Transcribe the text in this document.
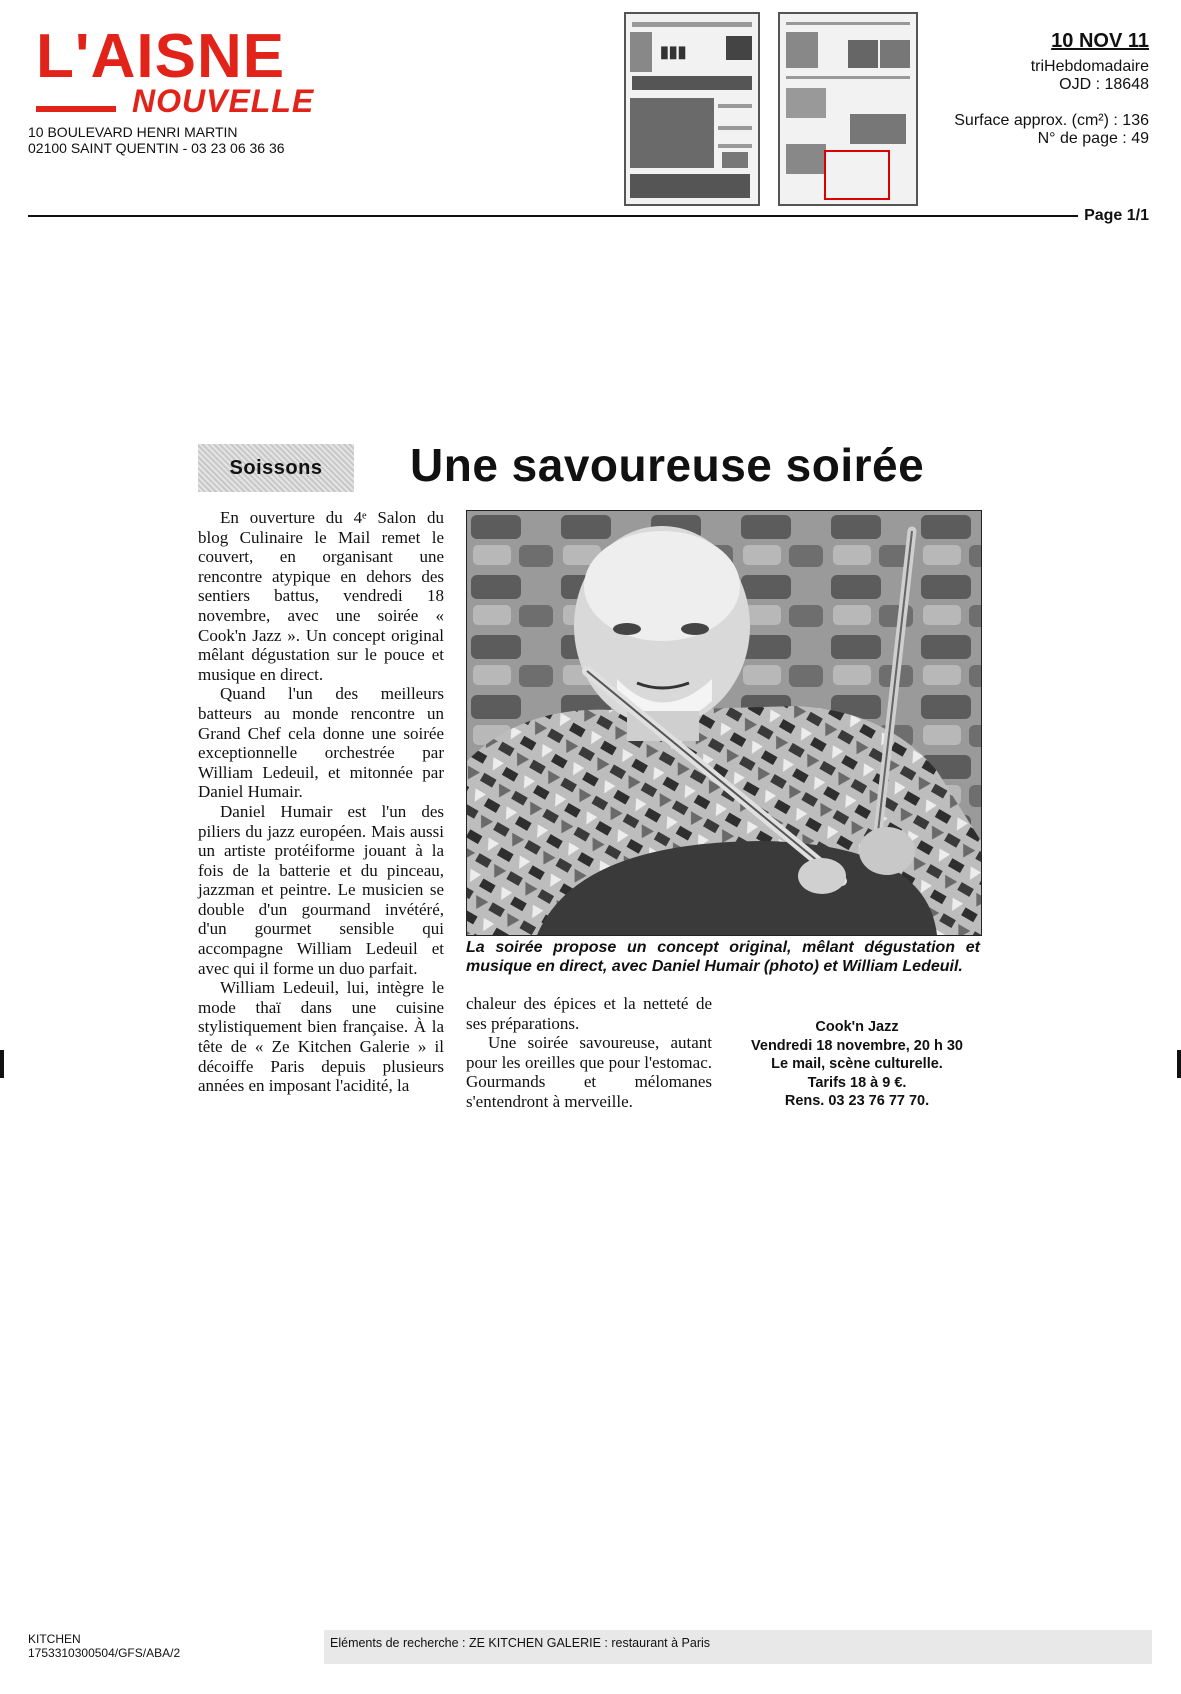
L'AISNE
NOUVELLE
10 BOULEVARD HENRI MARTIN
02100 SAINT QUENTIN - 03 23 06 36 36
▮▮▮
10 NOV 11
triHebdomadaire
OJD : 18648
Surface approx. (cm²) : 136
N° de page : 49
Page 1/1
Soissons	Une savoureuse soirée

En ouverture du 4ᵉ Salon du blog Culinaire le Mail remet le couvert, en organisant une rencontre atypique en dehors des sentiers battus, vendredi 18 novembre, avec une soirée « Cook'n Jazz ». Un concept original mêlant dégustation sur le pouce et musique en direct.

Quand l'un des meilleurs batteurs au monde rencontre un Grand Chef cela donne une soirée exceptionnelle orchestrée par William Ledeuil, et mitonnée par Daniel Humair.

Daniel Humair est l'un des piliers du jazz européen. Mais aussi un artiste protéiforme jouant à la fois de la batterie et du pinceau, jazzman et peintre. Le musicien se double d'un gourmand invétéré, d'un gourmet sensible qui accompagne William Ledeuil et avec qui il forme un duo parfait.

William Ledeuil, lui, intègre le mode thaï dans une cuisine stylistiquement bien française. À la tête de « Ze Kitchen Galerie » il décoiffe Paris depuis plusieurs années en imposant l'acidité, la

La soirée propose un concept original, mêlant dégustation et musique en direct, avec Daniel Humair (photo) et William Ledeuil.

chaleur des épices et la netteté de ses préparations.

Une soirée savoureuse, autant pour les oreilles que pour l'estomac. Gourmands et mélomanes s'entendront à merveille.

Cook'n Jazz
Vendredi 18 novembre, 20 h 30
Le mail, scène culturelle.
Tarifs 18 à 9 €.
Rens. 03 23 76 77 70.
KITCHEN
1753310300504/GFS/ABA/2
Eléments de recherche : ZE KITCHEN GALERIE : restaurant à Paris
